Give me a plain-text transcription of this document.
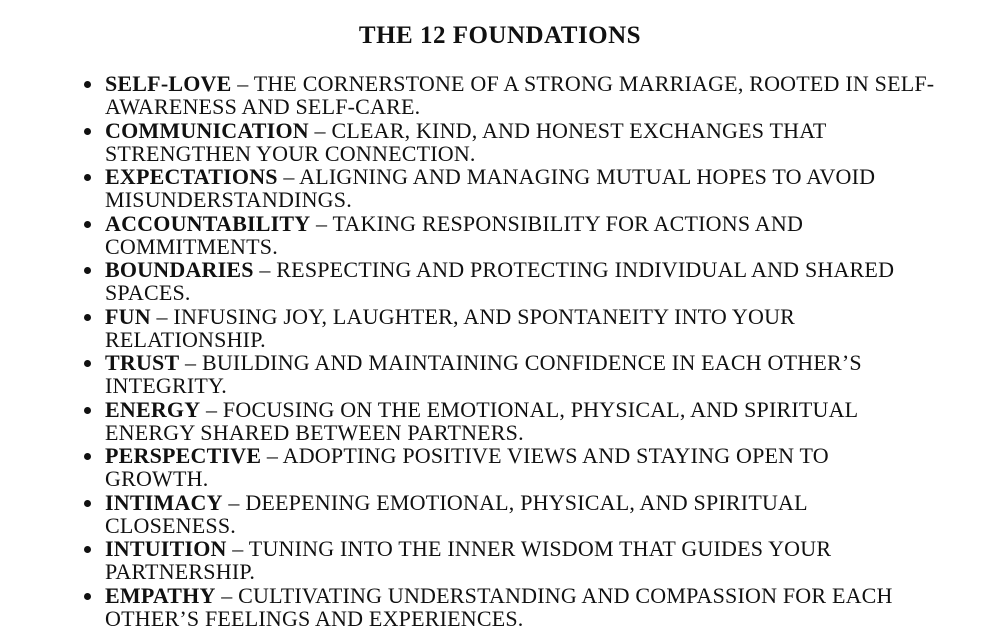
THE 12 FOUNDATIONS
SELF-LOVE – THE CORNERSTONE OF A STRONG MARRIAGE, ROOTED IN SELF-AWARENESS AND SELF-CARE.
COMMUNICATION – CLEAR, KIND, AND HONEST EXCHANGES THAT STRENGTHEN YOUR CONNECTION.
EXPECTATIONS – ALIGNING AND MANAGING MUTUAL HOPES TO AVOID MISUNDERSTANDINGS.
ACCOUNTABILITY – TAKING RESPONSIBILITY FOR ACTIONS AND COMMITMENTS.
BOUNDARIES – RESPECTING AND PROTECTING INDIVIDUAL AND SHARED SPACES.
FUN – INFUSING JOY, LAUGHTER, AND SPONTANEITY INTO YOUR RELATIONSHIP.
TRUST – BUILDING AND MAINTAINING CONFIDENCE IN EACH OTHER’S INTEGRITY.
ENERGY – FOCUSING ON THE EMOTIONAL, PHYSICAL, AND SPIRITUAL ENERGY SHARED BETWEEN PARTNERS.
PERSPECTIVE – ADOPTING POSITIVE VIEWS AND STAYING OPEN TO GROWTH.
INTIMACY – DEEPENING EMOTIONAL, PHYSICAL, AND SPIRITUAL CLOSENESS.
INTUITION – TUNING INTO THE INNER WISDOM THAT GUIDES YOUR PARTNERSHIP.
EMPATHY – CULTIVATING UNDERSTANDING AND COMPASSION FOR EACH OTHER’S FEELINGS AND EXPERIENCES.
